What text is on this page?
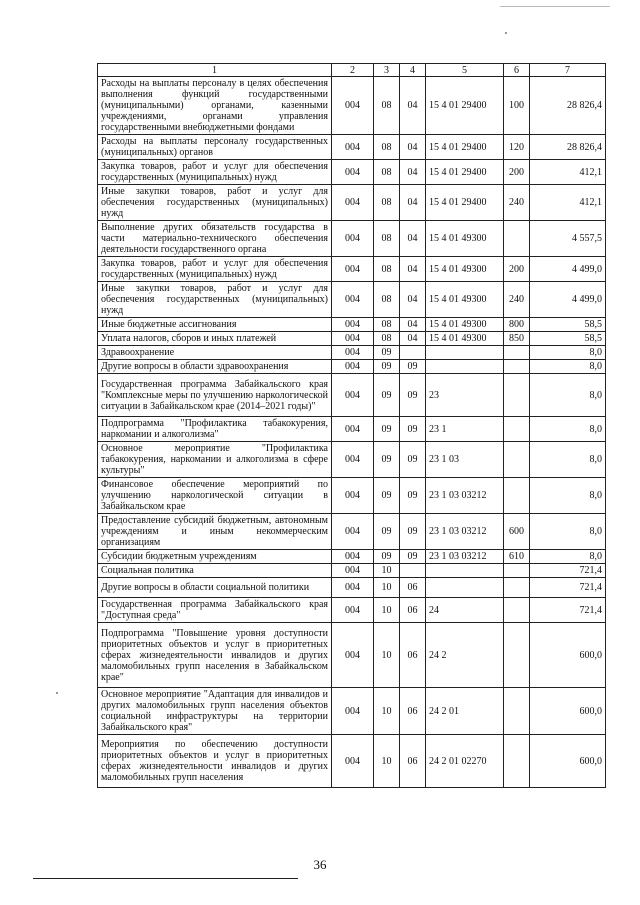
1	2	3	4	5	6	7
Расходы на выплаты персоналу в целях обеспечения выполнения функций государственными (муниципальными) органами, казенными учреждениями, органами управления государственными внебюджетными фондами	004	08	04	15 4 01 29400	100	28 826,4
Расходы на выплаты персоналу государственных (муниципальных) органов	004	08	04	15 4 01 29400	120	28 826,4
Закупка товаров, работ и услуг для обеспечения государственных (муниципальных) нужд	004	08	04	15 4 01 29400	200	412,1
Иные закупки товаров, работ и услуг для обеспечения государственных (муниципальных) нужд	004	08	04	15 4 01 29400	240	412,1
Выполнение других обязательств государства в части материально-технического обеспечения деятельности государственного органа	004	08	04	15 4 01 49300		4 557,5
Закупка товаров, работ и услуг для обеспечения государственных (муниципальных) нужд	004	08	04	15 4 01 49300	200	4 499,0
Иные закупки товаров, работ и услуг для обеспечения государственных (муниципальных) нужд	004	08	04	15 4 01 49300	240	4 499,0
Иные бюджетные ассигнования	004	08	04	15 4 01 49300	800	58,5
Уплата налогов, сборов и иных платежей	004	08	04	15 4 01 49300	850	58,5
Здравоохранение	004	09				8,0
Другие вопросы в области здравоохранения	004	09	09			8,0
Государственная программа Забайкальского края "Комплексные меры по улучшению наркологической ситуации в Забайкальском крае (2014–2021 годы)"	004	09	09	23		8,0
Подпрограмма "Профилактика табакокурения, наркомании и алкоголизма"	004	09	09	23 1		8,0
Основное мероприятие "Профилактика табакокурения, наркомании и алкоголизма в сфере культуры"	004	09	09	23 1 03		8,0
Финансовое обеспечение мероприятий по улучшению наркологической ситуации в Забайкальском крае	004	09	09	23 1 03 03212		8,0
Предоставление субсидий бюджетным, автономным учреждениям и иным некоммерческим организациям	004	09	09	23 1 03 03212	600	8,0
Субсидии бюджетным учреждениям	004	09	09	23 1 03 03212	610	8,0
Социальная политика	004	10				721,4
Другие вопросы в области социальной политики	004	10	06			721,4
Государственная программа Забайкальского края "Доступная среда"	004	10	06	24		721,4
Подпрограмма "Повышение уровня доступности приоритетных объектов и услуг в приоритетных сферах жизнедеятельности инвалидов и других маломобильных групп населения в Забайкальском крае"	004	10	06	24 2		600,0
Основное мероприятие "Адаптация для инвалидов и других маломобильных групп населения объектов социальной инфраструктуры на территории Забайкальского края"	004	10	06	24 2 01		600,0
Мероприятия по обеспечению доступности приоритетных объектов и услуг в приоритетных сферах жизнедеятельности инвалидов и других маломобильных групп населения	004	10	06	24 2 01 02270		600,0
36
